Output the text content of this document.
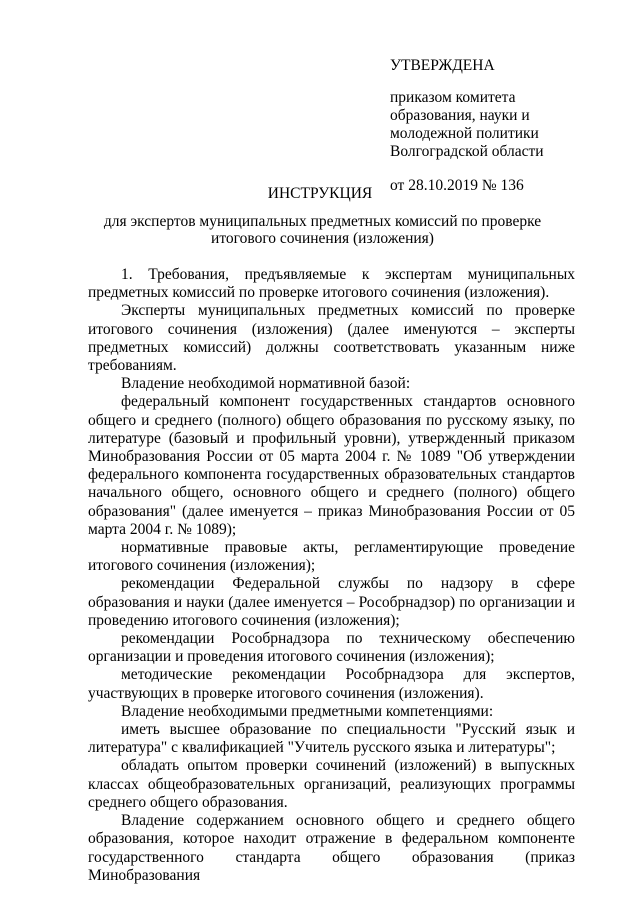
УТВЕРЖДЕНА
приказом комитета
образования, науки и
молодежной политики
Волгоградской области
от 28.10.2019 № 136
ИНСТРУКЦИЯ
для экспертов муниципальных предметных комиссий по проверке
итогового сочинения (изложения)

1. Требования, предъявляемые к экспертам муниципальных предметных комиссий по проверке итогового сочинения (изложения).

Эксперты муниципальных предметных комиссий по проверке итогового сочинения (изложения) (далее именуются – эксперты предметных комиссий) должны соответствовать указанным ниже требованиям.

Владение необходимой нормативной базой:

федеральный компонент государственных стандартов основного общего и среднего (полного) общего образования по русскому языку, по литературе (базовый и профильный уровни), утвержденный приказом Минобразования России от 05 марта 2004 г. № 1089 "Об утверждении федерального компонента государственных образовательных стандартов начального общего, основного общего и среднего (полного) общего образования" (далее именуется – приказ Минобразования России от 05 марта 2004 г. № 1089);

нормативные правовые акты, регламентирующие проведение итогового сочинения (изложения);

рекомендации Федеральной службы по надзору в сфере образования и науки (далее именуется – Рособрнадзор) по организации и проведению итогового сочинения (изложения);

рекомендации Рособрнадзора по техническому обеспечению организации и проведения итогового сочинения (изложения);

методические рекомендации Рособрнадзора для экспертов, участвующих в проверке итогового сочинения (изложения).

Владение необходимыми предметными компетенциями:

иметь высшее образование по специальности "Русский язык и литература" с квалификацией "Учитель русского языка и литературы";

обладать опытом проверки сочинений (изложений) в выпускных классах общеобразовательных организаций, реализующих программы среднего общего образования.

Владение содержанием основного общего и среднего общего образования, которое находит отражение в федеральном компоненте государственного стандарта общего образования (приказ Минобразования
